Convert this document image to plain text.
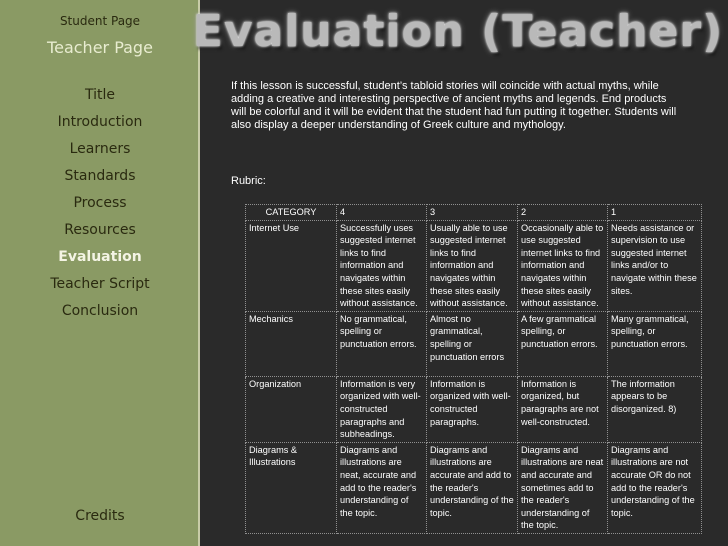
Student Page
Teacher Page
Title
Introduction
Learners
Standards
Process
Resources
Evaluation
Teacher Script
Conclusion
Credits
Evaluation (Teacher)
If this lesson is successful, student’s tabloid stories will coincide with actual myths, while adding a creative and interesting perspective of ancient myths and legends. End products will be colorful and it will be evident that the student had fun putting it together. Students will also display a deeper understanding of Greek culture and mythology.
Rubric:
CATEGORY	4	3	2	1
Internet Use	Successfully uses suggested internet links to find information and navigates within these sites easily without assistance.	Usually able to use suggested internet links to find information and navigates within these sites easily without assistance.	Occasionally able to use suggested internet links to find information and navigates within these sites easily without assistance.	Needs assistance or supervision to use suggested internet links and/or to navigate within these sites.
Mechanics	No grammatical, spelling or punctuation errors.	Almost no grammatical, spelling or punctuation errors	A few grammatical spelling, or punctuation errors.	Many grammatical, spelling, or punctuation errors.
Organization	Information is very organized with well-constructed paragraphs and subheadings.	Information is organized with well-constructed paragraphs.	Information is organized, but paragraphs are not well-constructed.	The information appears to be disorganized. 8)
Diagrams & Illustrations	Diagrams and illustrations are neat, accurate and add to the reader's understanding of the topic.	Diagrams and illustrations are accurate and add to the reader's understanding of the topic.	Diagrams and illustrations are neat and accurate and sometimes add to the reader's understanding of the topic.	Diagrams and illustrations are not accurate OR do not add to the reader's understanding of the topic.
